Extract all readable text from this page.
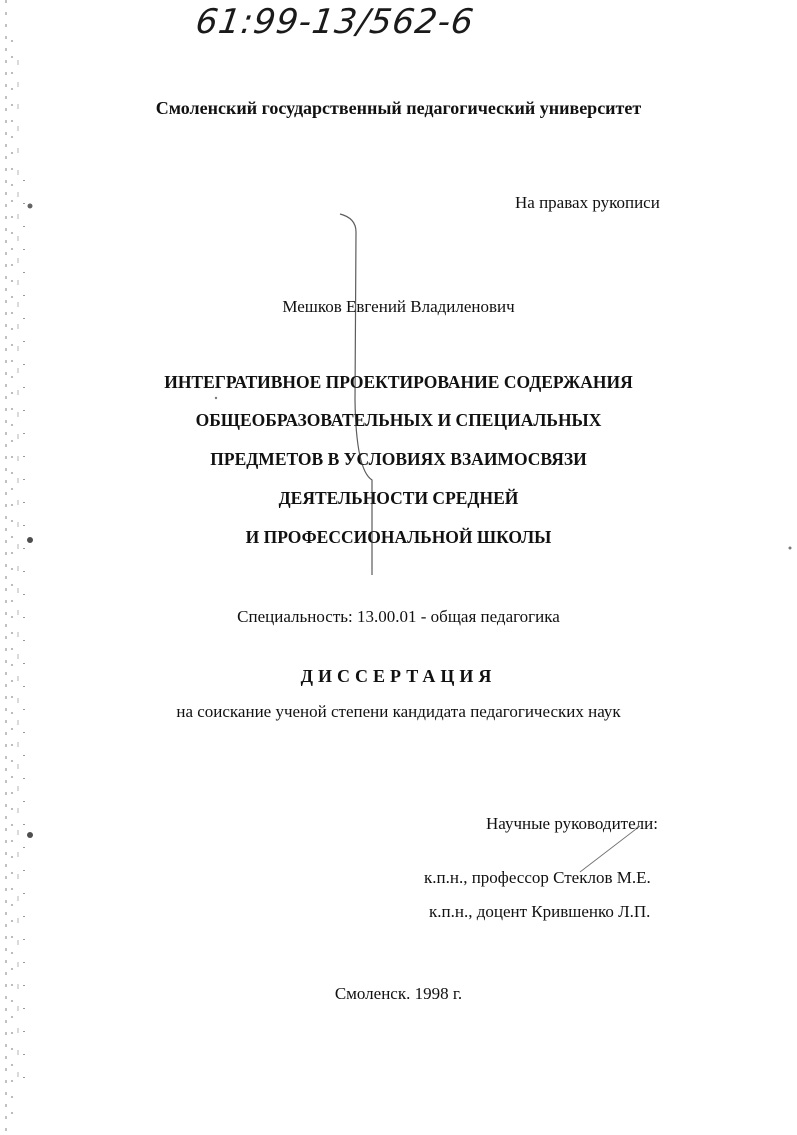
61:99-13/562-6
Смоленский государственный педагогический университет
На правах рукописи
Мешков Евгений Владиленович
ИНТЕГРАТИВНОЕ ПРОЕКТИРОВАНИЕ СОДЕРЖАНИЯ
ОБЩЕОБРАЗОВАТЕЛЬНЫХ И СПЕЦИАЛЬНЫХ
ПРЕДМЕТОВ В УСЛОВИЯХ ВЗАИМОСВЯЗИ
ДЕЯТЕЛЬНОСТИ СРЕДНЕЙ
И ПРОФЕССИОНАЛЬНОЙ ШКОЛЫ
Специальность: 13.00.01 - общая педагогика
ДИССЕРТАЦИЯ
на соискание ученой степени кандидата педагогических наук
Научные руководители:
к.п.н., профессор Стеклов М.Е.
к.п.н., доцент Крившенко Л.П.
Смоленск. 1998 г.
